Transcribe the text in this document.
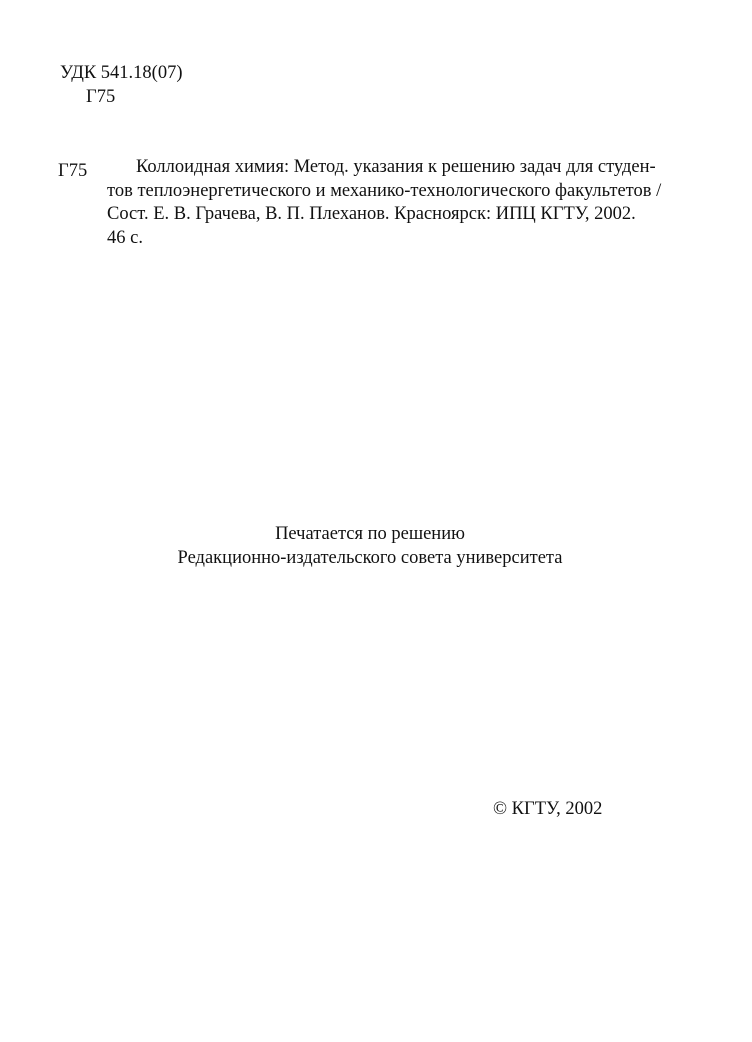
УДК 541.18(07)
Г75
Г75	Коллоидная химия: Метод. указания к решению задач для студен-
тов теплоэнергетического и механико-технологического факультетов /
Сост. Е. В. Грачева, В. П. Плеханов. Красноярск: ИПЦ КГТУ, 2002.
46 с.
Печатается по решению
Редакционно-издательского совета университета
© КГТУ, 2002
